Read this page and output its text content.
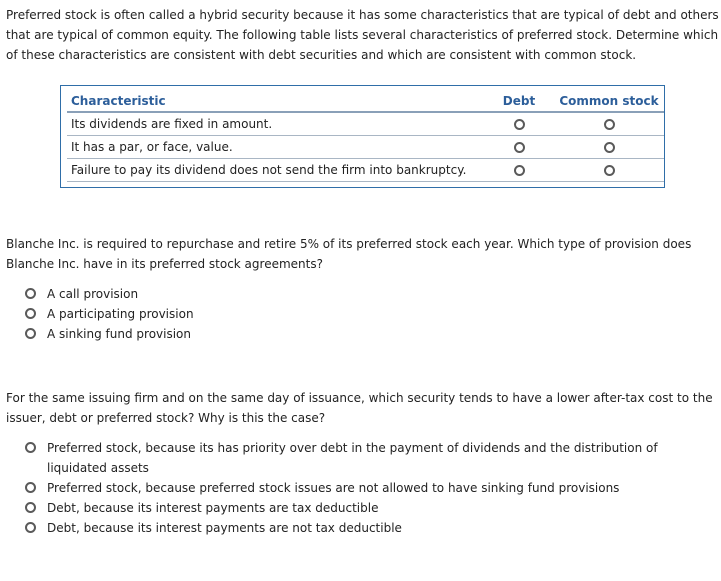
Preferred stock is often called a hybrid security because it has some characteristics that are typical of debt and others that are typical of common equity. The following table lists several characteristics of preferred stock. Determine which of these characteristics are consistent with debt securities and which are consistent with common stock.

Characteristic	Debt	Common stock
Its dividends are fixed in amount.		
It has a par, or face, value.		
Failure to pay its dividend does not send the firm into bankruptcy.		

Blanche Inc. is required to repurchase and retire 5% of its preferred stock each year. Which type of provision does Blanche Inc. have in its preferred stock agreements?

A call provision
A participating provision
A sinking fund provision

For the same issuing firm and on the same day of issuance, which security tends to have a lower after-tax cost to the issuer, debt or preferred stock? Why is this the case?

Preferred stock, because its has priority over debt in the payment of dividends and the distribution of liquidated assets
Preferred stock, because preferred stock issues are not allowed to have sinking fund provisions
Debt, because its interest payments are tax deductible
Debt, because its interest payments are not tax deductible
